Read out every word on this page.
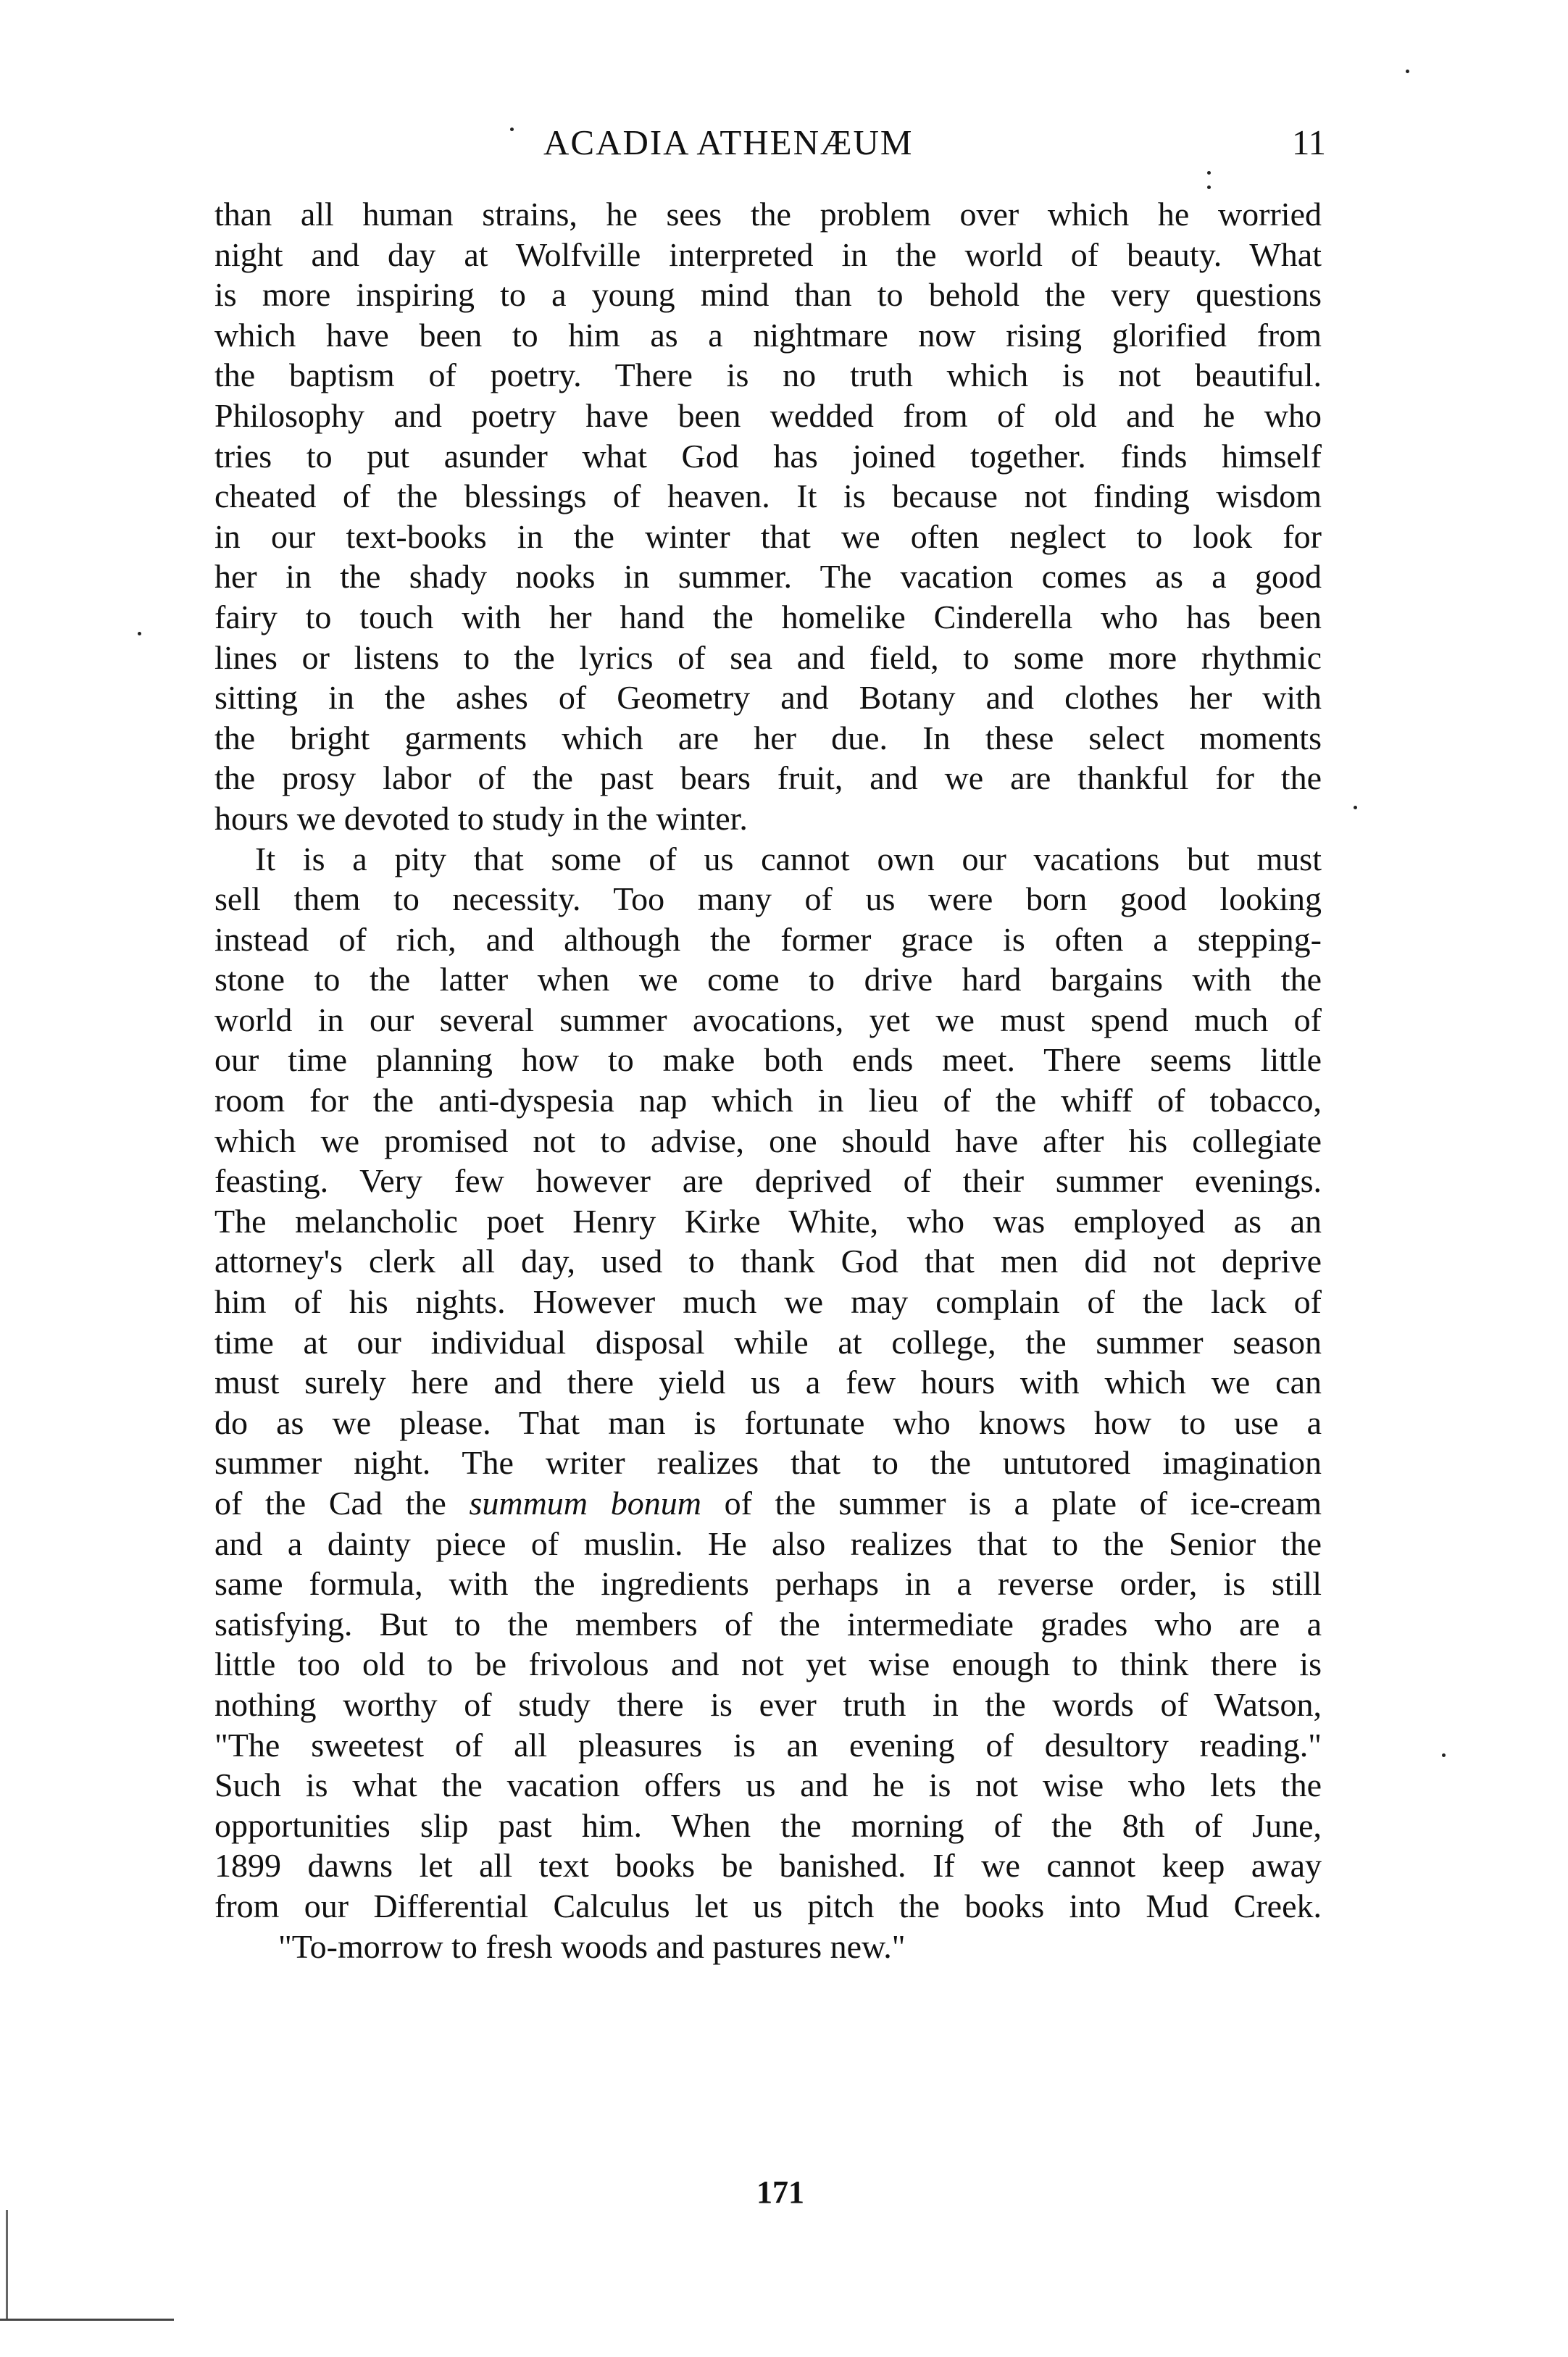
ACADIA ATHENÆUM	11
than all human strains, he sees the problem over which he worried
night and day at Wolfville interpreted in the world of beauty. What
is more inspiring to a young mind than to behold the very questions
which have been to him as a nightmare now rising glorified from
the baptism of poetry. There is no truth which is not beautiful.
Philosophy and poetry have been wedded from of old and he who
tries to put asunder what God has joined together. finds himself
cheated of the blessings of heaven. It is because not finding wisdom
in our text-books in the winter that we often neglect to look for
her in the shady nooks in summer. The vacation comes as a good
fairy to touch with her hand the homelike Cinderella who has been
lines or listens to the lyrics of sea and field, to some more rhythmic
sitting in the ashes of Geometry and Botany and clothes her with
the bright garments which are her due. In these select moments
the prosy labor of the past bears fruit, and we are thankful for the
hours we devoted to study in the winter.
It is a pity that some of us cannot own our vacations but must
sell them to necessity. Too many of us were born good looking
instead of rich, and although the former grace is often a stepping-
stone to the latter when we come to drive hard bargains with the
world in our several summer avocations, yet we must spend much of
our time planning how to make both ends meet. There seems little
room for the anti-dyspesia nap which in lieu of the whiff of tobacco,
which we promised not to advise, one should have after his collegiate
feasting. Very few however are deprived of their summer evenings.
The melancholic poet Henry Kirke White, who was employed as an
attorney's clerk all day, used to thank God that men did not deprive
him of his nights. However much we may complain of the lack of
time at our individual disposal while at college, the summer season
must surely here and there yield us a few hours with which we can
do as we please. That man is fortunate who knows how to use a
summer night. The writer realizes that to the untutored imagination
of the Cad the summum bonum of the summer is a plate of ice-cream
and a dainty piece of muslin. He also realizes that to the Senior the
same formula, with the ingredients perhaps in a reverse order, is still
satisfying. But to the members of the intermediate grades who are a
little too old to be frivolous and not yet wise enough to think there is
nothing worthy of study there is ever truth in the words of Watson,
"The sweetest of all pleasures is an evening of desultory reading."
Such is what the vacation offers us and he is not wise who lets the
opportunities slip past him. When the morning of the 8th of June,
1899 dawns let all text books be banished. If we cannot keep away
from our Differential Calculus let us pitch the books into Mud Creek.
"To-morrow to fresh woods and pastures new."
171
